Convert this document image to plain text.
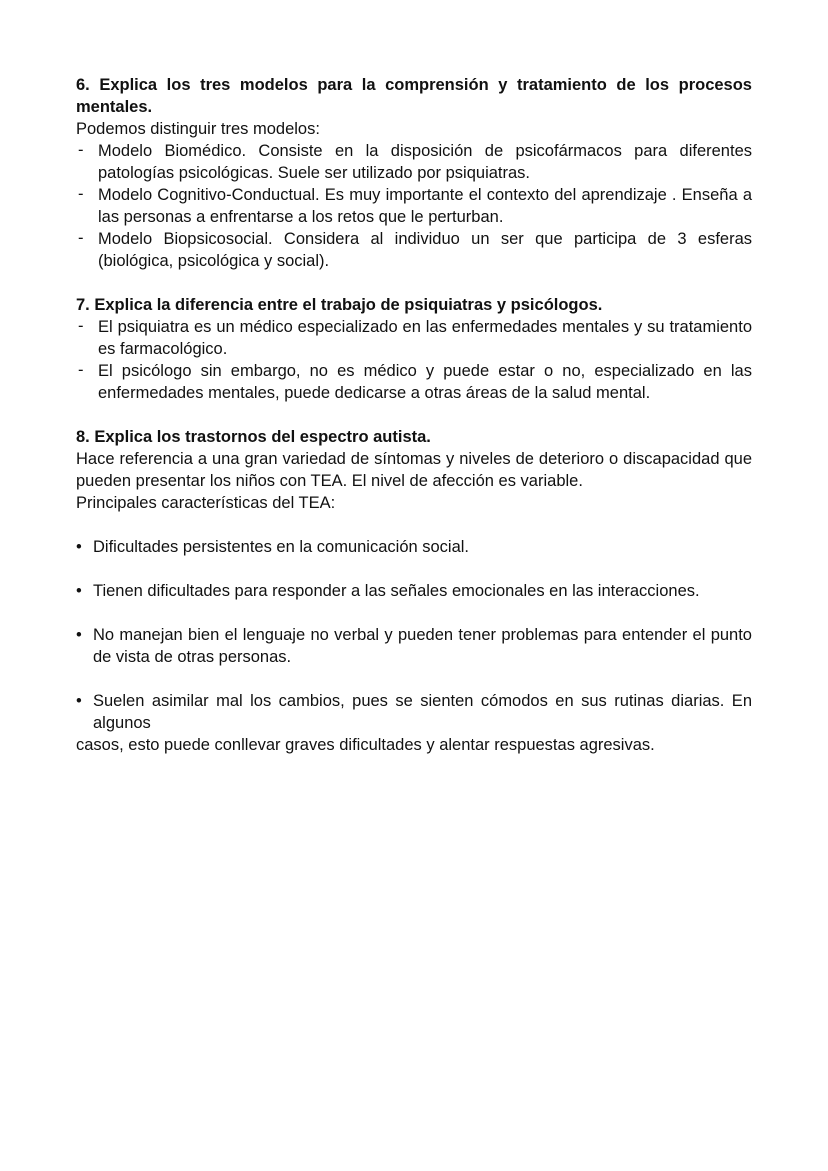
6. Explica los tres modelos para la comprensión y tratamiento de los procesos mentales.

Podemos distinguir tres modelos:

- Modelo Biomédico. Consiste en la disposición de psicofármacos para diferentes patologías psicológicas. Suele ser utilizado por psiquiatras.
- Modelo Cognitivo-Conductual. Es muy importante el contexto del aprendizaje . Enseña a las personas a enfrentarse a los retos que le perturban.
- Modelo Biopsicosocial. Considera al individuo un ser que participa de 3 esferas (biológica, psicológica y social).

7. Explica la diferencia entre el trabajo de psiquiatras y psicólogos.

- El psiquiatra es un médico especializado en las enfermedades mentales y su tratamiento es farmacológico.
- El psicólogo sin embargo, no es médico y puede estar o no, especializado en las enfermedades mentales, puede dedicarse a otras áreas de la salud mental.

8. Explica los trastornos del espectro autista.

Hace referencia a una gran variedad de síntomas y niveles de deterioro o discapacidad que pueden presentar los niños con TEA. El nivel de afección es variable.

Principales características del TEA:

• Dificultades persistentes en la comunicación social.
• Tienen dificultades para responder a las señales emocionales en las interacciones.
• No manejan bien el lenguaje no verbal y pueden tener problemas para entender el punto de vista de otras personas.
• Suelen asimilar mal los cambios, pues se sienten cómodos en sus rutinas diarias. En algunos

casos, esto puede conllevar graves dificultades y alentar respuestas agresivas.
